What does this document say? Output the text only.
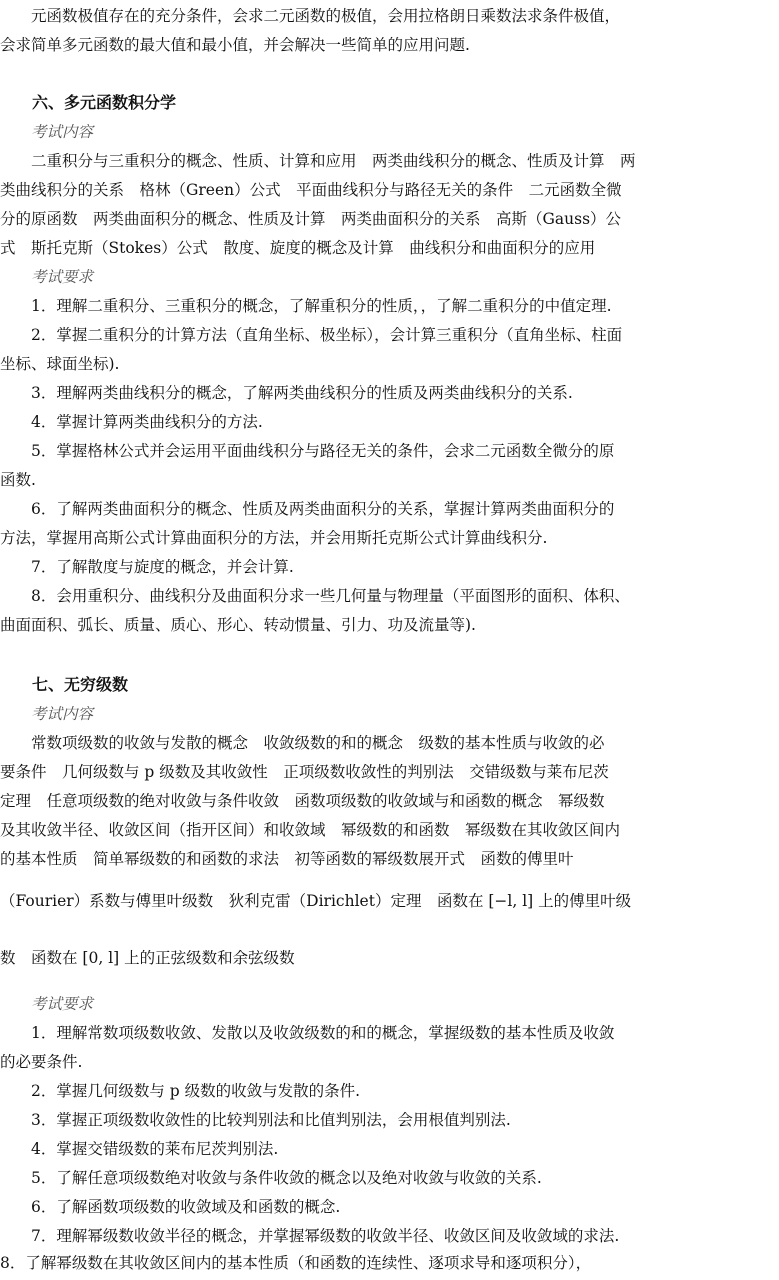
　　元函数极值存在的充分条件，会求二元函数的极值，会用拉格朗日乘数法求条件极值，
会求简单多元函数的最大值和最小值，并会解决一些简单的应用问题.
　　六、多元函数积分学
　　考试内容
　　二重积分与三重积分的概念、性质、计算和应用　两类曲线积分的概念、性质及计算　两
类曲线积分的关系　格林（Green）公式　平面曲线积分与路径无关的条件　二元函数全微
分的原函数　两类曲面积分的概念、性质及计算　两类曲面积分的关系　高斯（Gauss）公
式　斯托克斯（Stokes）公式　散度、旋度的概念及计算　曲线积分和曲面积分的应用
　　考试要求
　　1．理解二重积分、三重积分的概念，了解重积分的性质，，了解二重积分的中值定理.
　　2．掌握二重积分的计算方法（直角坐标、极坐标），会计算三重积分（直角坐标、柱面
坐标、球面坐标).
　　3．理解两类曲线积分的概念，了解两类曲线积分的性质及两类曲线积分的关系.
　　4．掌握计算两类曲线积分的方法.
　　5．掌握格林公式并会运用平面曲线积分与路径无关的条件，会求二元函数全微分的原
函数.
　　6．了解两类曲面积分的概念、性质及两类曲面积分的关系，掌握计算两类曲面积分的
方法，掌握用高斯公式计算曲面积分的方法，并会用斯托克斯公式计算曲线积分.
　　7．了解散度与旋度的概念，并会计算.
　　8．会用重积分、曲线积分及曲面积分求一些几何量与物理量（平面图形的面积、体积、
曲面面积、弧长、质量、质心、形心、转动惯量、引力、功及流量等).
　　七、无穷级数
　　考试内容
　　常数项级数的收敛与发散的概念　收敛级数的和的概念　级数的基本性质与收敛的必
要条件　几何级数与 p 级数及其收敛性　正项级数收敛性的判别法　交错级数与莱布尼茨
定理　任意项级数的绝对收敛与条件收敛　函数项级数的收敛域与和函数的概念　幂级数
及其收敛半径、收敛区间（指开区间）和收敛域　幂级数的和函数　幂级数在其收敛区间内
的基本性质　简单幂级数的和函数的求法　初等函数的幂级数展开式　函数的傅里叶
（Fourier）系数与傅里叶级数　狄利克雷（Dirichlet）定理　函数在 [−l, l] 上的傅里叶级
数　函数在 [0, l] 上的正弦级数和余弦级数
　　考试要求
　　1．理解常数项级数收敛、发散以及收敛级数的和的概念，掌握级数的基本性质及收敛
的必要条件.
　　2．掌握几何级数与 p 级数的收敛与发散的条件.
　　3．掌握正项级数收敛性的比较判别法和比值判别法，会用根值判别法.
　　4．掌握交错级数的莱布尼茨判别法.
　　5．了解任意项级数绝对收敛与条件收敛的概念以及绝对收敛与收敛的关系.
　　6．了解函数项级数的收敛域及和函数的概念.
　　7．理解幂级数收敛半径的概念，并掌握幂级数的收敛半径、收敛区间及收敛域的求法.
8．了解幂级数在其收敛区间内的基本性质（和函数的连续性、逐项求导和逐项积分），
